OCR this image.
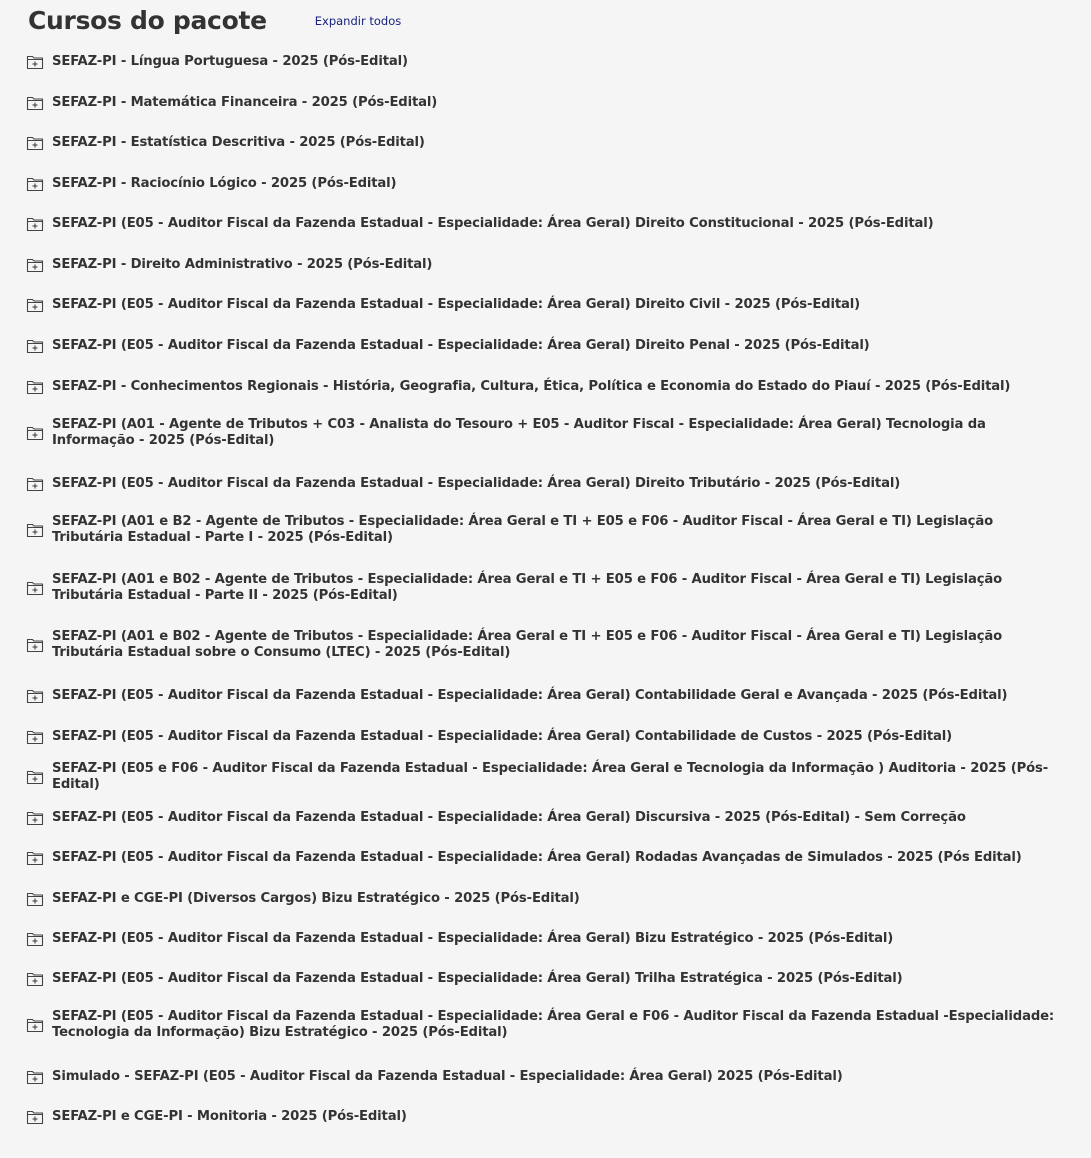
Cursos do pacote	Expandir todos
SEFAZ-PI - Língua Portuguesa - 2025 (Pós-Edital)
SEFAZ-PI - Matemática Financeira - 2025 (Pós-Edital)
SEFAZ-PI - Estatística Descritiva - 2025 (Pós-Edital)
SEFAZ-PI - Raciocínio Lógico - 2025 (Pós-Edital)
SEFAZ-PI (E05 - Auditor Fiscal da Fazenda Estadual - Especialidade: Área Geral) Direito Constitucional - 2025 (Pós-Edital)
SEFAZ-PI - Direito Administrativo - 2025 (Pós-Edital)
SEFAZ-PI (E05 - Auditor Fiscal da Fazenda Estadual - Especialidade: Área Geral) Direito Civil - 2025 (Pós-Edital)
SEFAZ-PI (E05 - Auditor Fiscal da Fazenda Estadual - Especialidade: Área Geral) Direito Penal - 2025 (Pós-Edital)
SEFAZ-PI - Conhecimentos Regionais - História, Geografia, Cultura, Ética, Política e Economia do Estado do Piauí - 2025 (Pós-Edital)
SEFAZ-PI (A01 - Agente de Tributos + C03 - Analista do Tesouro + E05 - Auditor Fiscal - Especialidade: Área Geral) Tecnologia da Informação - 2025 (Pós-Edital)
SEFAZ-PI (E05 - Auditor Fiscal da Fazenda Estadual - Especialidade: Área Geral) Direito Tributário - 2025 (Pós-Edital)
SEFAZ-PI (A01 e B2 - Agente de Tributos - Especialidade: Área Geral e TI + E05 e F06 - Auditor Fiscal - Área Geral e TI) Legislação Tributária Estadual - Parte I - 2025 (Pós-Edital)
SEFAZ-PI (A01 e B02 - Agente de Tributos - Especialidade: Área Geral e TI + E05 e F06 - Auditor Fiscal - Área Geral e TI) Legislação Tributária Estadual - Parte II - 2025 (Pós-Edital)
SEFAZ-PI (A01 e B02 - Agente de Tributos - Especialidade: Área Geral e TI + E05 e F06 - Auditor Fiscal - Área Geral e TI) Legislação Tributária Estadual sobre o Consumo (LTEC) - 2025 (Pós-Edital)
SEFAZ-PI (E05 - Auditor Fiscal da Fazenda Estadual - Especialidade: Área Geral) Contabilidade Geral e Avançada - 2025 (Pós-Edital)
SEFAZ-PI (E05 - Auditor Fiscal da Fazenda Estadual - Especialidade: Área Geral) Contabilidade de Custos - 2025 (Pós-Edital)
SEFAZ-PI (E05 e F06 - Auditor Fiscal da Fazenda Estadual - Especialidade: Área Geral e Tecnologia da Informação ) Auditoria - 2025 (Pós-Edital)
SEFAZ-PI (E05 - Auditor Fiscal da Fazenda Estadual - Especialidade: Área Geral) Discursiva - 2025 (Pós-Edital) - Sem Correção
SEFAZ-PI (E05 - Auditor Fiscal da Fazenda Estadual - Especialidade: Área Geral) Rodadas Avançadas de Simulados - 2025 (Pós Edital)
SEFAZ-PI e CGE-PI (Diversos Cargos) Bizu Estratégico - 2025 (Pós-Edital)
SEFAZ-PI (E05 - Auditor Fiscal da Fazenda Estadual - Especialidade: Área Geral) Bizu Estratégico - 2025 (Pós-Edital)
SEFAZ-PI (E05 - Auditor Fiscal da Fazenda Estadual - Especialidade: Área Geral) Trilha Estratégica - 2025 (Pós-Edital)
SEFAZ-PI (E05 - Auditor Fiscal da Fazenda Estadual - Especialidade: Área Geral e F06 - Auditor Fiscal da Fazenda Estadual -Especialidade: Tecnologia da Informação) Bizu Estratégico - 2025 (Pós-Edital)
Simulado - SEFAZ-PI (E05 - Auditor Fiscal da Fazenda Estadual - Especialidade: Área Geral) 2025 (Pós-Edital)
SEFAZ-PI e CGE-PI - Monitoria - 2025 (Pós-Edital)
